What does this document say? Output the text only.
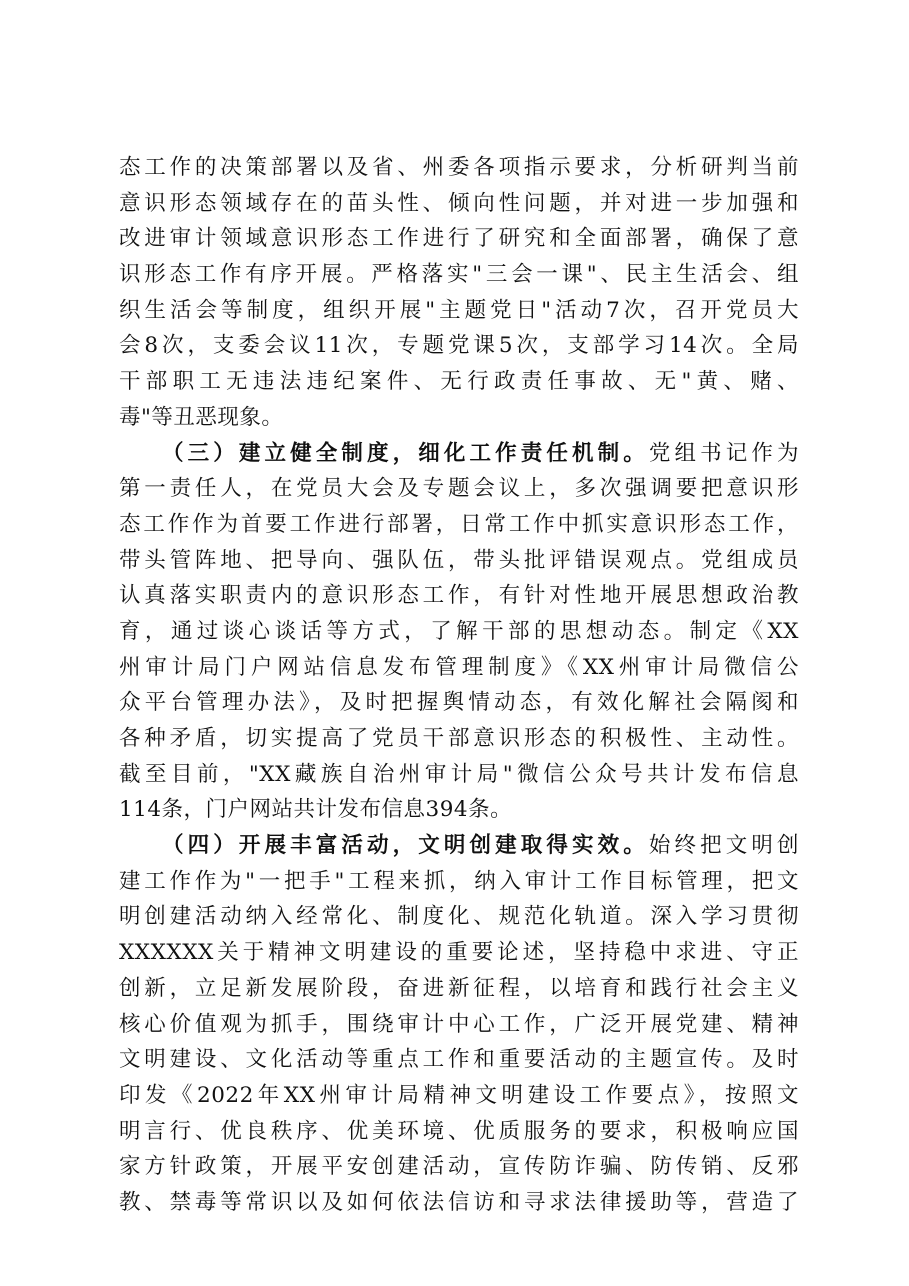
态工作的决策部署以及省、州委各项指示要求，分析研判当前
意识形态领域存在的苗头性、倾向性问题，并对进一步加强和
改进审计领域意识形态工作进行了研究和全面部署，确保了意
识形态工作有序开展。严格落实"三会一课"、民主生活会、组
织生活会等制度，组织开展"主题党日"活动7次，召开党员大
会8次，支委会议11次，专题党课5次，支部学习14次。全局
干部职工无违法违纪案件、无行政责任事故、无"黄、赌、
毒"等丑恶现象。
（三）建立健全制度，细化工作责任机制。党组书记作为
第一责任人，在党员大会及专题会议上，多次强调要把意识形
态工作作为首要工作进行部署，日常工作中抓实意识形态工作，
带头管阵地、把导向、强队伍，带头批评错误观点。党组成员
认真落实职责内的意识形态工作，有针对性地开展思想政治教
育，通过谈心谈话等方式，了解干部的思想动态。制定《XX
州审计局门户网站信息发布管理制度》《XX州审计局微信公
众平台管理办法》，及时把握舆情动态，有效化解社会隔阂和
各种矛盾，切实提高了党员干部意识形态的积极性、主动性。
截至目前，"XX藏族自治州审计局"微信公众号共计发布信息
114条，门户网站共计发布信息394条。
（四）开展丰富活动，文明创建取得实效。始终把文明创
建工作作为"一把手"工程来抓，纳入审计工作目标管理，把文
明创建活动纳入经常化、制度化、规范化轨道。深入学习贯彻
XXXXXX关于精神文明建设的重要论述，坚持稳中求进、守正
创新，立足新发展阶段，奋进新征程，以培育和践行社会主义
核心价值观为抓手，围绕审计中心工作，广泛开展党建、精神
文明建设、文化活动等重点工作和重要活动的主题宣传。及时
印发《2022年XX州审计局精神文明建设工作要点》，按照文
明言行、优良秩序、优美环境、优质服务的要求，积极响应国
家方针政策，开展平安创建活动，宣传防诈骗、防传销、反邪
教、禁毒等常识以及如何依法信访和寻求法律援助等，营造了
